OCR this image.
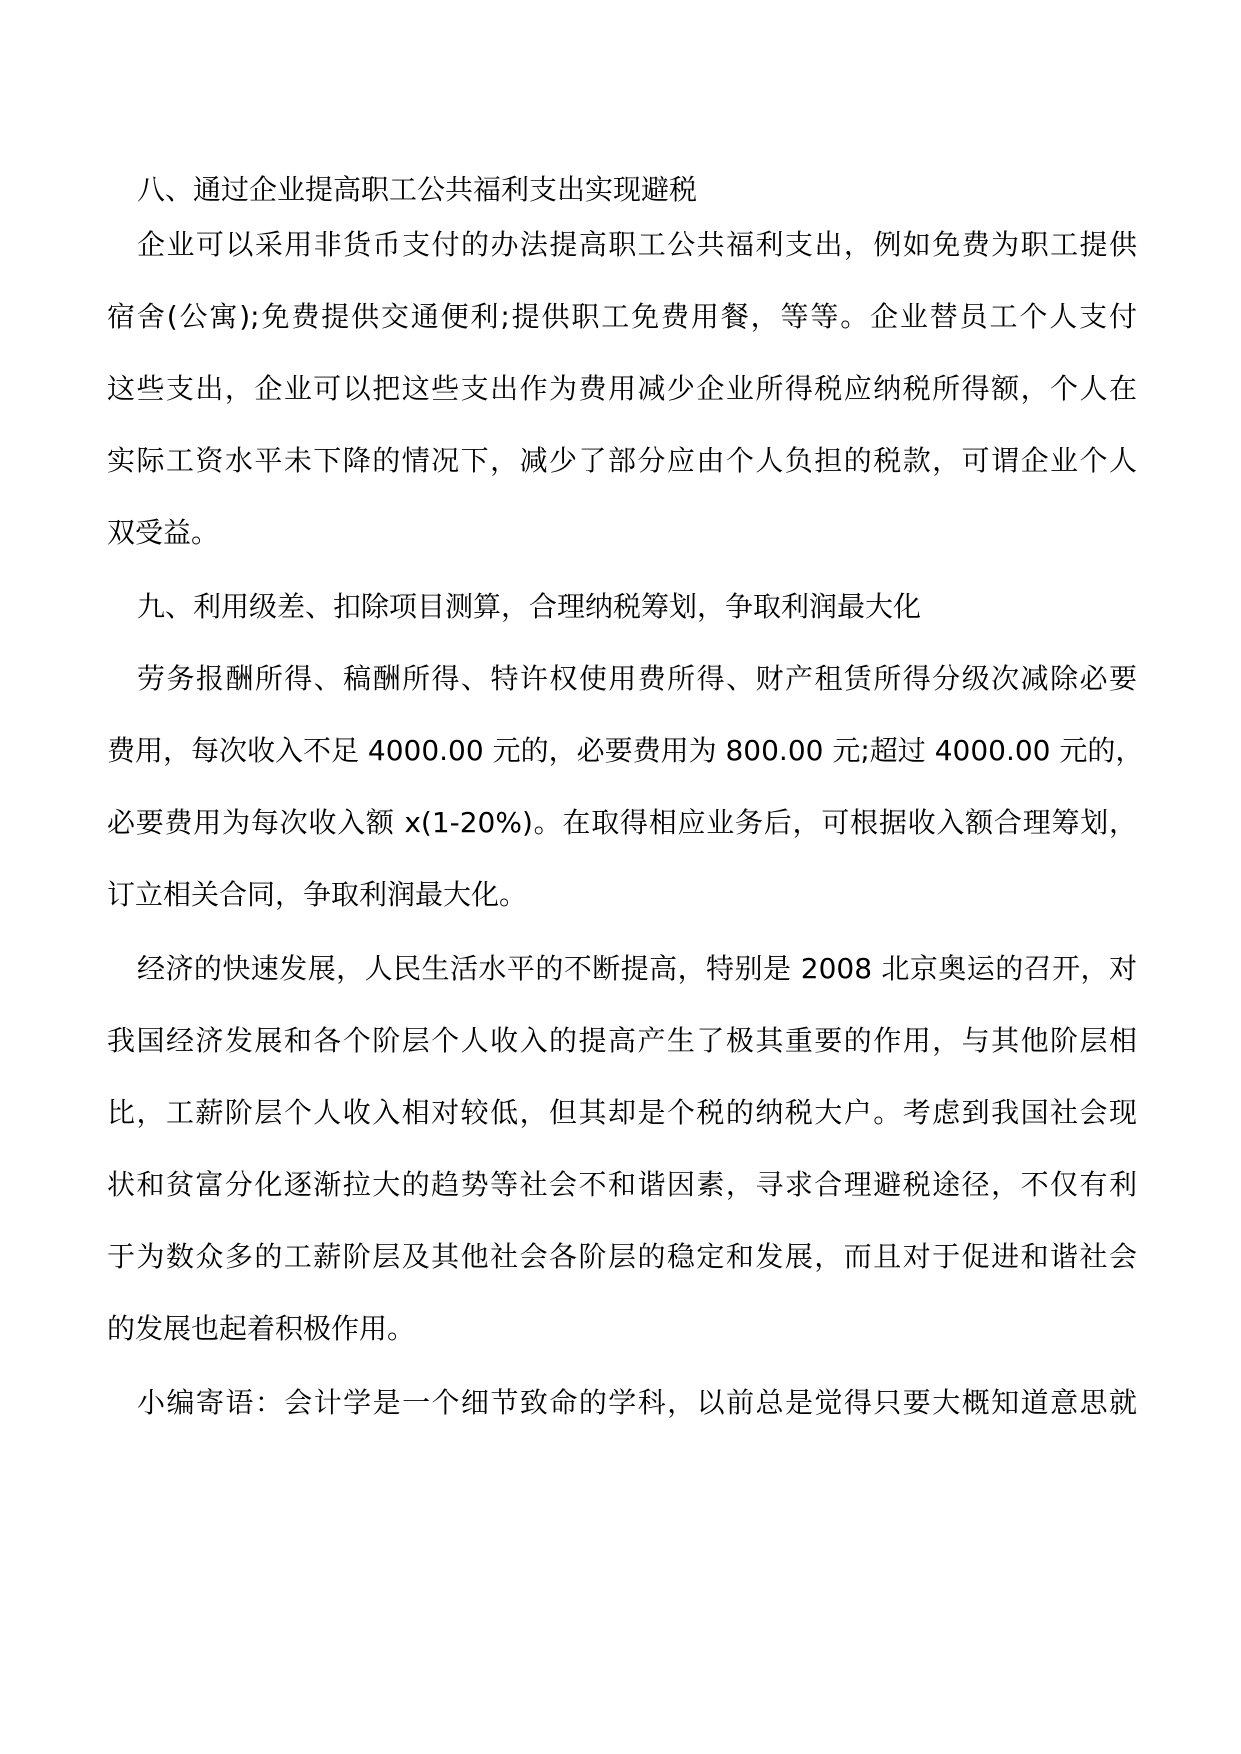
八、通过企业提高职工公共福利支出实现避税
企业可以采用非货币支付的办法提高职工公共福利支出，例如免费为职工提供
宿舍(公寓);免费提供交通便利;提供职工免费用餐，等等。企业替员工个人支付
这些支出，企业可以把这些支出作为费用减少企业所得税应纳税所得额，个人在
实际工资水平未下降的情况下，减少了部分应由个人负担的税款，可谓企业个人
双受益。
九、利用级差、扣除项目测算，合理纳税筹划，争取利润最大化
劳务报酬所得、稿酬所得、特许权使用费所得、财产租赁所得分级次减除必要
费用，每次收入不足 4000.00 元的，必要费用为 800.00 元;超过 4000.00 元的，
必要费用为每次收入额 x(1-20%)。在取得相应业务后，可根据收入额合理筹划，
订立相关合同，争取利润最大化。
经济的快速发展，人民生活水平的不断提高，特别是 2008 北京奥运的召开，对
我国经济发展和各个阶层个人收入的提高产生了极其重要的作用，与其他阶层相
比，工薪阶层个人收入相对较低，但其却是个税的纳税大户。考虑到我国社会现
状和贫富分化逐渐拉大的趋势等社会不和谐因素，寻求合理避税途径，不仅有利
于为数众多的工薪阶层及其他社会各阶层的稳定和发展，而且对于促进和谐社会
的发展也起着积极作用。
小编寄语：会计学是一个细节致命的学科，以前总是觉得只要大概知道意思就
